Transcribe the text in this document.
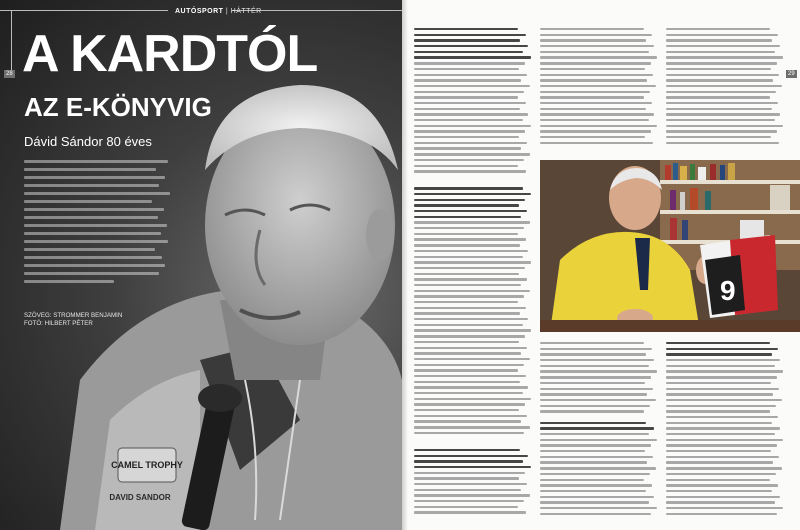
CAMEL TROPHY
DAVID SANDOR
AUTÓSPORT | HÁTTÉR
28 A KARDTÓL
AZ E-KÖNYVIG
Dávid Sándor 80 éves
SZÖVEG: STROMMER BENJAMIN
FOTÓ: HILBERT PÉTER
29
9
